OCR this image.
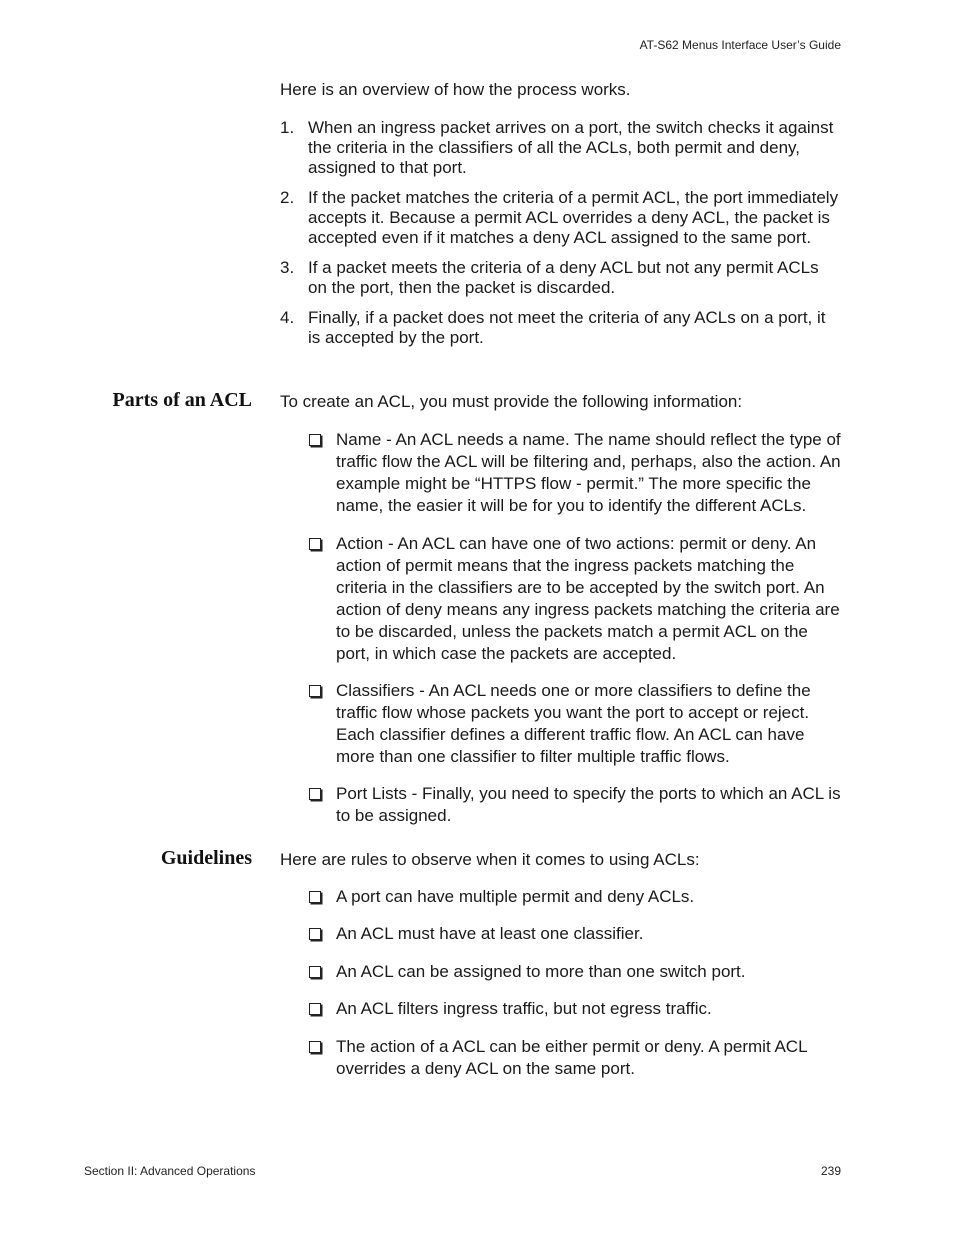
AT-S62 Menus Interface User’s Guide
Here is an overview of how the process works.
1. When an ingress packet arrives on a port, the switch checks it against the criteria in the classifiers of all the ACLs, both permit and deny, assigned to that port.
2. If the packet matches the criteria of a permit ACL, the port immediately accepts it. Because a permit ACL overrides a deny ACL, the packet is accepted even if it matches a deny ACL assigned to the same port.
3. If a packet meets the criteria of a deny ACL but not any permit ACLs on the port, then the packet is discarded.
4. Finally, if a packet does not meet the criteria of any ACLs on a port, it is accepted by the port.
Parts of an ACL To create an ACL, you must provide the following information:
Name - An ACL needs a name. The name should reflect the type of traffic flow the ACL will be filtering and, perhaps, also the action. An example might be “HTTPS flow - permit.” The more specific the name, the easier it will be for you to identify the different ACLs.
Action - An ACL can have one of two actions: permit or deny. An action of permit means that the ingress packets matching the criteria in the classifiers are to be accepted by the switch port. An action of deny means any ingress packets matching the criteria are to be discarded, unless the packets match a permit ACL on the port, in which case the packets are accepted.
Classifiers - An ACL needs one or more classifiers to define the traffic flow whose packets you want the port to accept or reject. Each classifier defines a different traffic flow. An ACL can have more than one classifier to filter multiple traffic flows.
Port Lists - Finally, you need to specify the ports to which an ACL is to be assigned.
Guidelines Here are rules to observe when it comes to using ACLs:
A port can have multiple permit and deny ACLs.
An ACL must have at least one classifier.
An ACL can be assigned to more than one switch port.
An ACL filters ingress traffic, but not egress traffic.
The action of a ACL can be either permit or deny. A permit ACL overrides a deny ACL on the same port.
Section II: Advanced Operations	239
